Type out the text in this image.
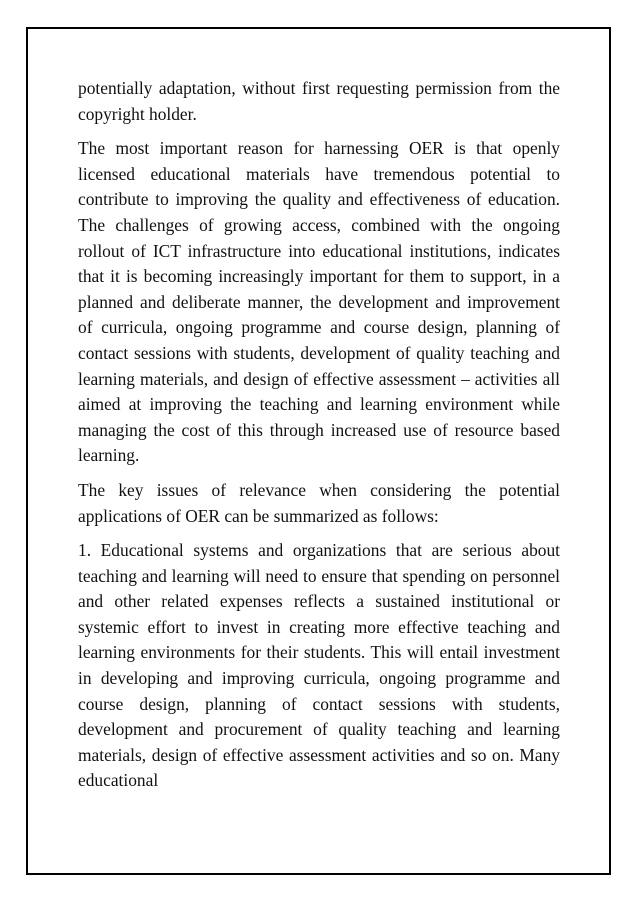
potentially adaptation, without first requesting permission from the copyright holder.

The most important reason for harnessing OER is that openly licensed educational materials have tremendous potential to contribute to improving the quality and effectiveness of education. The challenges of growing access, combined with the ongoing rollout of ICT infrastructure into educational institutions, indicates that it is becoming increasingly important for them to support, in a planned and deliberate manner, the development and improvement of curricula, ongoing programme and course design, planning of contact sessions with students, development of quality teaching and learning materials, and design of effective assessment – activities all aimed at improving the teaching and learning environment while managing the cost of this through increased use of resource based learning.

The key issues of relevance when considering the potential applications of OER can be summarized as follows:

1. Educational systems and organizations that are serious about teaching and learning will need to ensure that spending on personnel and other related expenses reflects a sustained institutional or systemic effort to invest in creating more effective teaching and learning environments for their students. This will entail investment in developing and improving curricula, ongoing programme and course design, planning of contact sessions with students, development and procurement of quality teaching and learning materials, design of effective assessment activities and so on. Many educational
